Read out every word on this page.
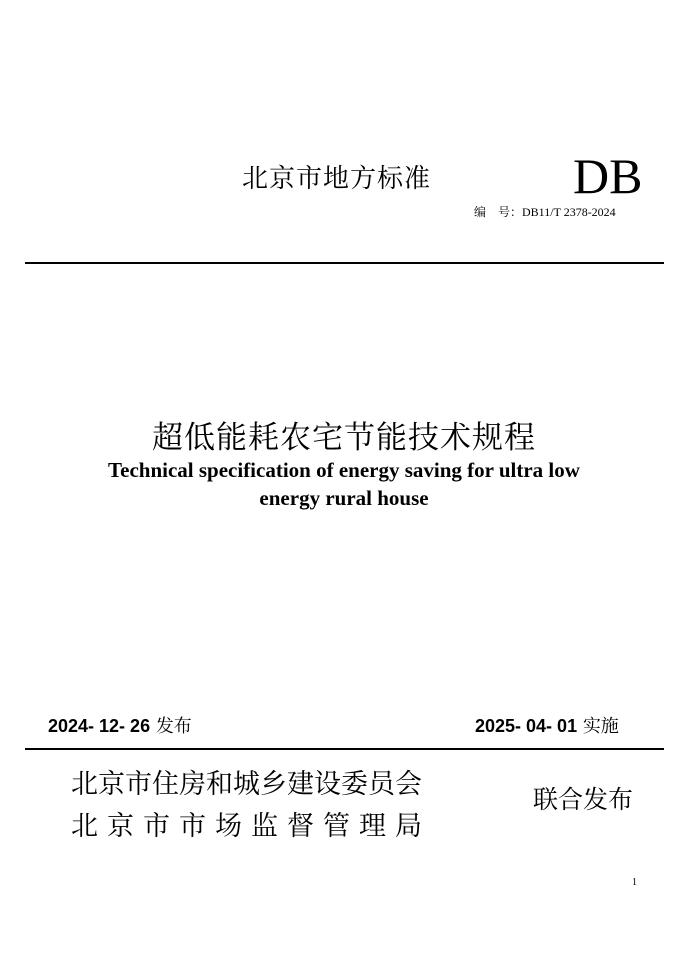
北京市地方标准	DB
编　号：DB11/T 2378-2024
超低能耗农宅节能技术规程
Technical specification of energy saving for ultra low
energy rural house
2024- 12- 26 发布	2025- 04- 01 实施
北京市住房和城乡建设委员会
北京市市场监督管理局
联合发布
1
